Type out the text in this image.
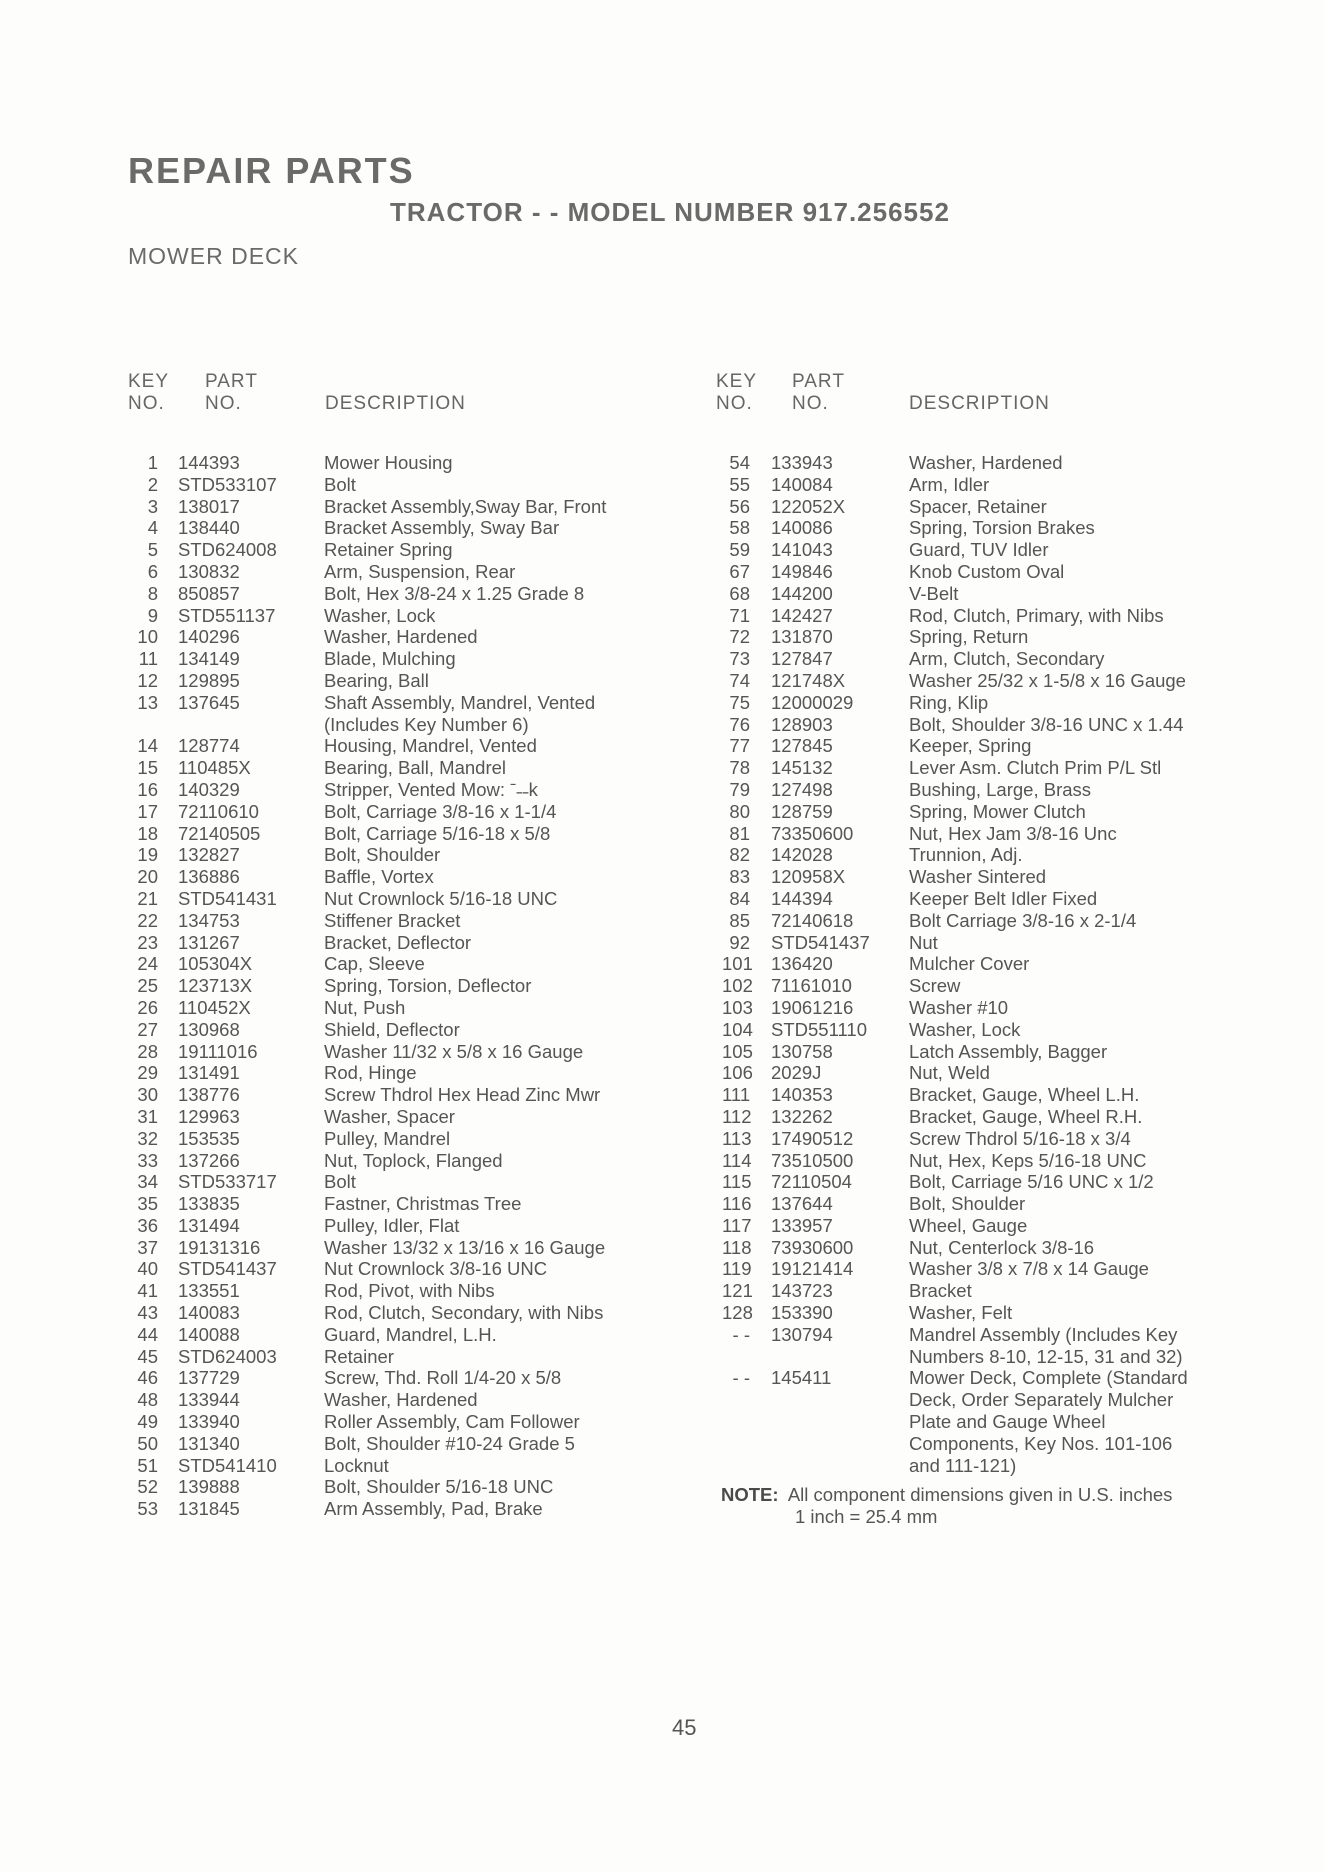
REPAIR PARTS
TRACTOR - - MODEL NUMBER 917.256552
MOWER DECK
KEY
NO.
PART
NO.	DESCRIPTION
KEY
NO.
PART
NO.	DESCRIPTION
1 144393	Mower Housing
2 STD533107	Bolt
3 138017	Bracket Assembly,Sway Bar, Front
4 138440	Bracket Assembly, Sway Bar
5 STD624008	Retainer Spring
6 130832	Arm, Suspension, Rear
8 850857	Bolt, Hex 3/8-24 x 1.25 Grade 8
9 STD551137	Washer, Lock
10 140296	Washer, Hardened
11 134149	Blade, Mulching
12 129895	Bearing, Ball
13 137645	Shaft Assembly, Mandrel, Vented
(Includes Key Number 6)
14 128774	Housing, Mandrel, Vented
15 110485X	Bearing, Ball, Mandrel
16 140329	Stripper, Vented Mow: ˉ˗˗k
17 72110610	Bolt, Carriage 3/8-16 x 1-1/4
18 72140505	Bolt, Carriage 5/16-18 x 5/8
19 132827	Bolt, Shoulder
20 136886	Baffle, Vortex
21 STD541431	Nut Crownlock 5/16-18 UNC
22 134753	Stiffener Bracket
23 131267	Bracket, Deflector
24 105304X	Cap, Sleeve
25 123713X	Spring, Torsion, Deflector
26 110452X	Nut, Push
27 130968	Shield, Deflector
28 19111016	Washer 11/32 x 5/8 x 16 Gauge
29 131491	Rod, Hinge
30 138776	Screw Thdrol Hex Head Zinc Mwr
31 129963	Washer, Spacer
32 153535	Pulley, Mandrel
33 137266	Nut, Toplock, Flanged
34 STD533717	Bolt
35 133835	Fastner, Christmas Tree
36 131494	Pulley, Idler, Flat
37 19131316	Washer 13/32 x 13/16 x 16 Gauge
40 STD541437	Nut Crownlock 3/8-16 UNC
41 133551	Rod, Pivot, with Nibs
43 140083	Rod, Clutch, Secondary, with Nibs
44 140088	Guard, Mandrel, L.H.
45 STD624003	Retainer
46 137729	Screw, Thd. Roll 1/4-20 x 5/8
48 133944	Washer, Hardened
49 133940	Roller Assembly, Cam Follower
50 131340	Bolt, Shoulder #10-24 Grade 5
51 STD541410	Locknut
52 139888	Bolt, Shoulder 5/16-18 UNC
53 131845	Arm Assembly, Pad, Brake
54 133943	Washer, Hardened
55 140084	Arm, Idler
56 122052X	Spacer, Retainer
58 140086	Spring, Torsion Brakes
59 141043	Guard, TUV Idler
67 149846	Knob Custom Oval
68 144200	V-Belt
71 142427	Rod, Clutch, Primary, with Nibs
72 131870	Spring, Return
73 127847	Arm, Clutch, Secondary
74 121748X	Washer 25/32 x 1-5/8 x 16 Gauge
75 12000029	Ring, Klip
76 128903	Bolt, Shoulder 3/8-16 UNC x 1.44
77 127845	Keeper, Spring
78 145132	Lever Asm. Clutch Prim P/L Stl
79 127498	Bushing, Large, Brass
80 128759	Spring, Mower Clutch
81 73350600	Nut, Hex Jam 3/8-16 Unc
82 142028	Trunnion, Adj.
83 120958X	Washer Sintered
84 144394	Keeper Belt Idler Fixed
85 72140618	Bolt Carriage 3/8-16 x 2-1/4
92 STD541437 Nut
101 136420	Mulcher Cover
102 71161010	Screw
103 19061216	Washer #10
104 STD551110 Washer, Lock
105 130758	Latch Assembly, Bagger
106 2029J	Nut, Weld
111 140353	Bracket, Gauge, Wheel L.H.
112 132262	Bracket, Gauge, Wheel R.H.
113 17490512	Screw Thdrol 5/16-18 x 3/4
114 73510500	Nut, Hex, Keps 5/16-18 UNC
115 72110504	Bolt, Carriage 5/16 UNC x 1/2
116 137644	Bolt, Shoulder
117 133957	Wheel, Gauge
118 73930600	Nut, Centerlock 3/8-16
119 19121414	Washer 3/8 x 7/8 x 14 Gauge
121 143723	Bracket
128 153390	Washer, Felt
- - 130794	Mandrel Assembly (Includes Key
Numbers 8-10, 12-15, 31 and 32)
- - 145411	Mower Deck, Complete (Standard
Deck, Order Separately Mulcher
Plate and Gauge Wheel
Components, Key Nos. 101-106
and 111-121)
NOTE: All component dimensions given in U.S. inches
1 inch = 25.4 mm
45
